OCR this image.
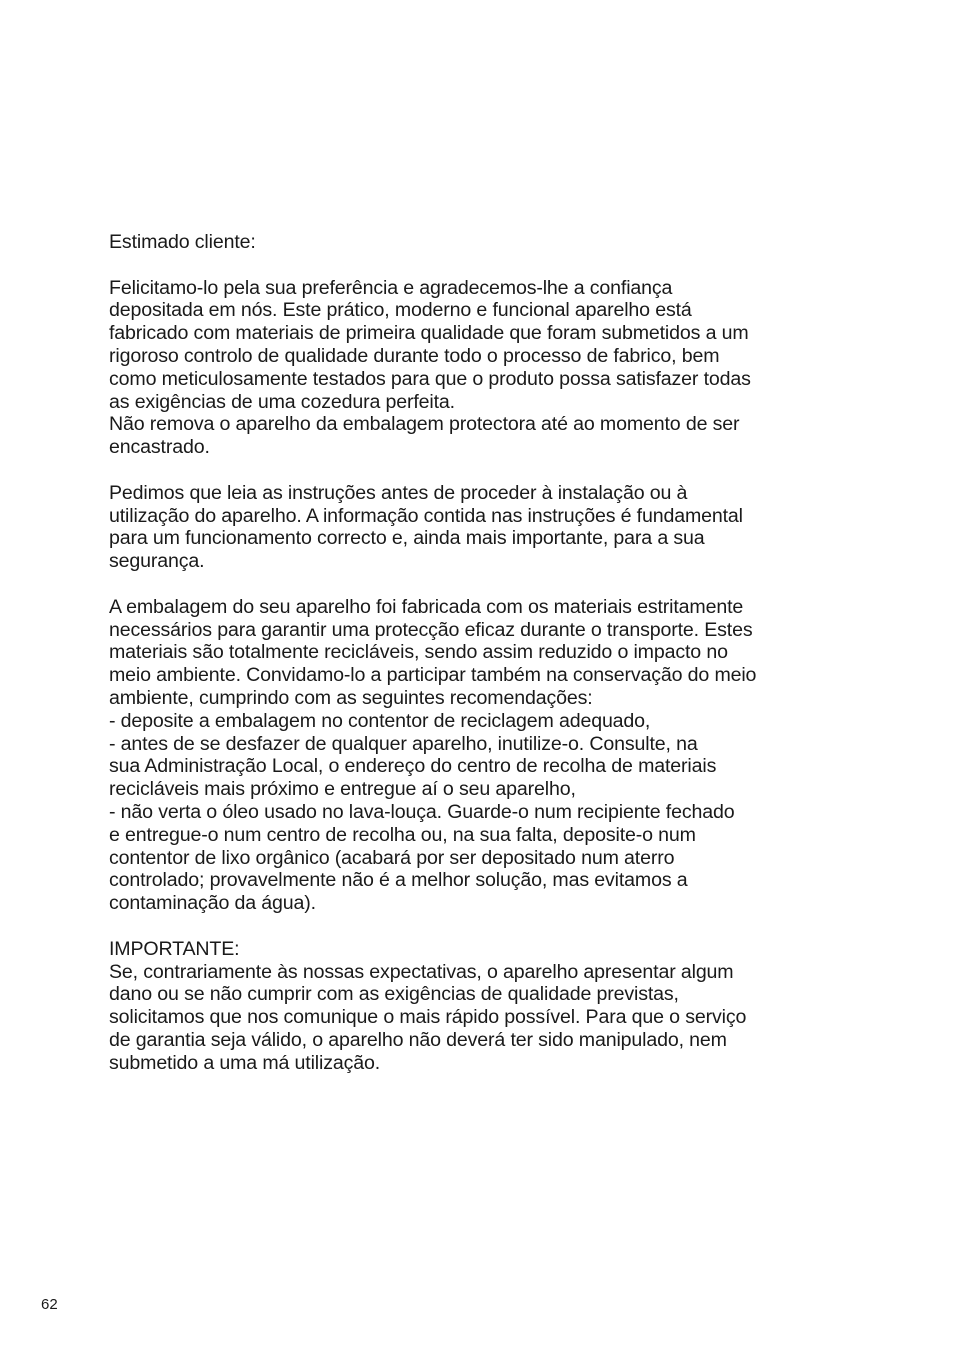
Estimado cliente:
Felicitamo-lo pela sua preferência e agradecemos-lhe a confiança
depositada em nós. Este prático, moderno e funcional aparelho está
fabricado com materiais de primeira qualidade que foram submetidos a um
rigoroso controlo de qualidade durante todo o processo de fabrico, bem
como meticulosamente testados para que o produto possa satisfazer todas
as exigências de uma cozedura perfeita.
Não remova o aparelho da embalagem protectora até ao momento de ser
encastrado.
Pedimos que leia as instruções antes de proceder à instalação ou à
utilização do aparelho. A informação contida nas instruções é fundamental
para um funcionamento correcto e, ainda mais importante, para a sua
segurança.
A embalagem do seu aparelho foi fabricada com os materiais estritamente
necessários para garantir uma protecção eficaz durante o transporte. Estes
materiais são totalmente recicláveis, sendo assim reduzido o impacto no
meio ambiente. Convidamo-lo a participar também na conservação do meio
ambiente, cumprindo com as seguintes recomendações:
- deposite a embalagem no contentor de reciclagem adequado,
- antes de se desfazer de qualquer aparelho, inutilize-o. Consulte, na
sua Administração Local, o endereço do centro de recolha de materiais
recicláveis mais próximo e entregue aí o seu aparelho,
- não verta o óleo usado no lava-louça. Guarde-o num recipiente fechado
e entregue-o num centro de recolha ou, na sua falta, deposite-o num
contentor de lixo orgânico (acabará por ser depositado num aterro
controlado; provavelmente não é a melhor solução, mas evitamos a
contaminação da água).
IMPORTANTE:
Se, contrariamente às nossas expectativas, o aparelho apresentar algum
dano ou se não cumprir com as exigências de qualidade previstas,
solicitamos que nos comunique o mais rápido possível. Para que o serviço
de garantia seja válido, o aparelho não deverá ter sido manipulado, nem
submetido a uma má utilização.
62
